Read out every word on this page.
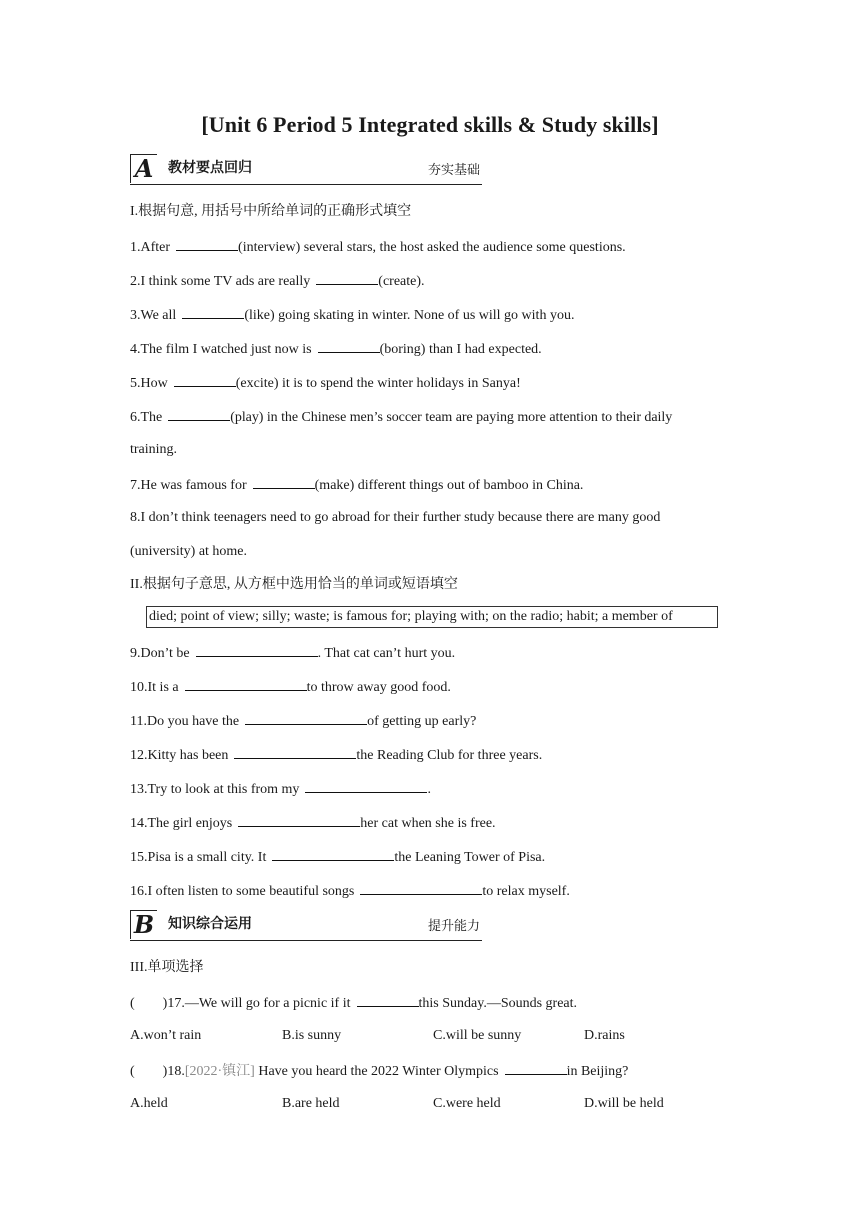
[Unit 6 Period 5 Integrated skills & Study skills]
A 教材要点回归	夯实基础
I.根据句意, 用括号中所给单词的正确形式填空
1.After	(interview) several stars, the host asked the audience some questions.
2.I think some TV ads are really	(create).
3.We all	(like) going skating in winter. None of us will go with you.
4.The film I watched just now is	(boring) than I had expected.
5.How	(excite) it is to spend the winter holidays in Sanya!
6.The	(play) in the Chinese men’s soccer team are paying more attention to their daily
training.
7.He was famous for	(make) different things out of bamboo in China.
8.I don’t think teenagers need to go abroad for their further study because there are many good
(university) at home.
II.根据句子意思, 从方框中选用恰当的单词或短语填空
died; point of view; silly; waste; is famous for; playing with; on the radio; habit; a member of
9.Don’t be	. That cat can’t hurt you.
10.It is a	to throw away good food.
11.Do you have the	of getting up early?
12.Kitty has been	the Reading Club for three years.
13.Try to look at this from my	.
14.The girl enjoys	her cat when she is free.
15.Pisa is a small city. It	the Leaning Tower of Pisa.
16.I often listen to some beautiful songs	to relax myself.
B 知识综合运用	提升能力
III.单项选择
(        )17.—We will go for a picnic if it	this Sunday.—Sounds great.
A.won’t rain	B.is sunny	C.will be sunny	D.rains
(        )18.[2022·镇江] Have you heard the 2022 Winter Olympics	in Beijing?
A.held	B.are held	C.were held	D.will be held
